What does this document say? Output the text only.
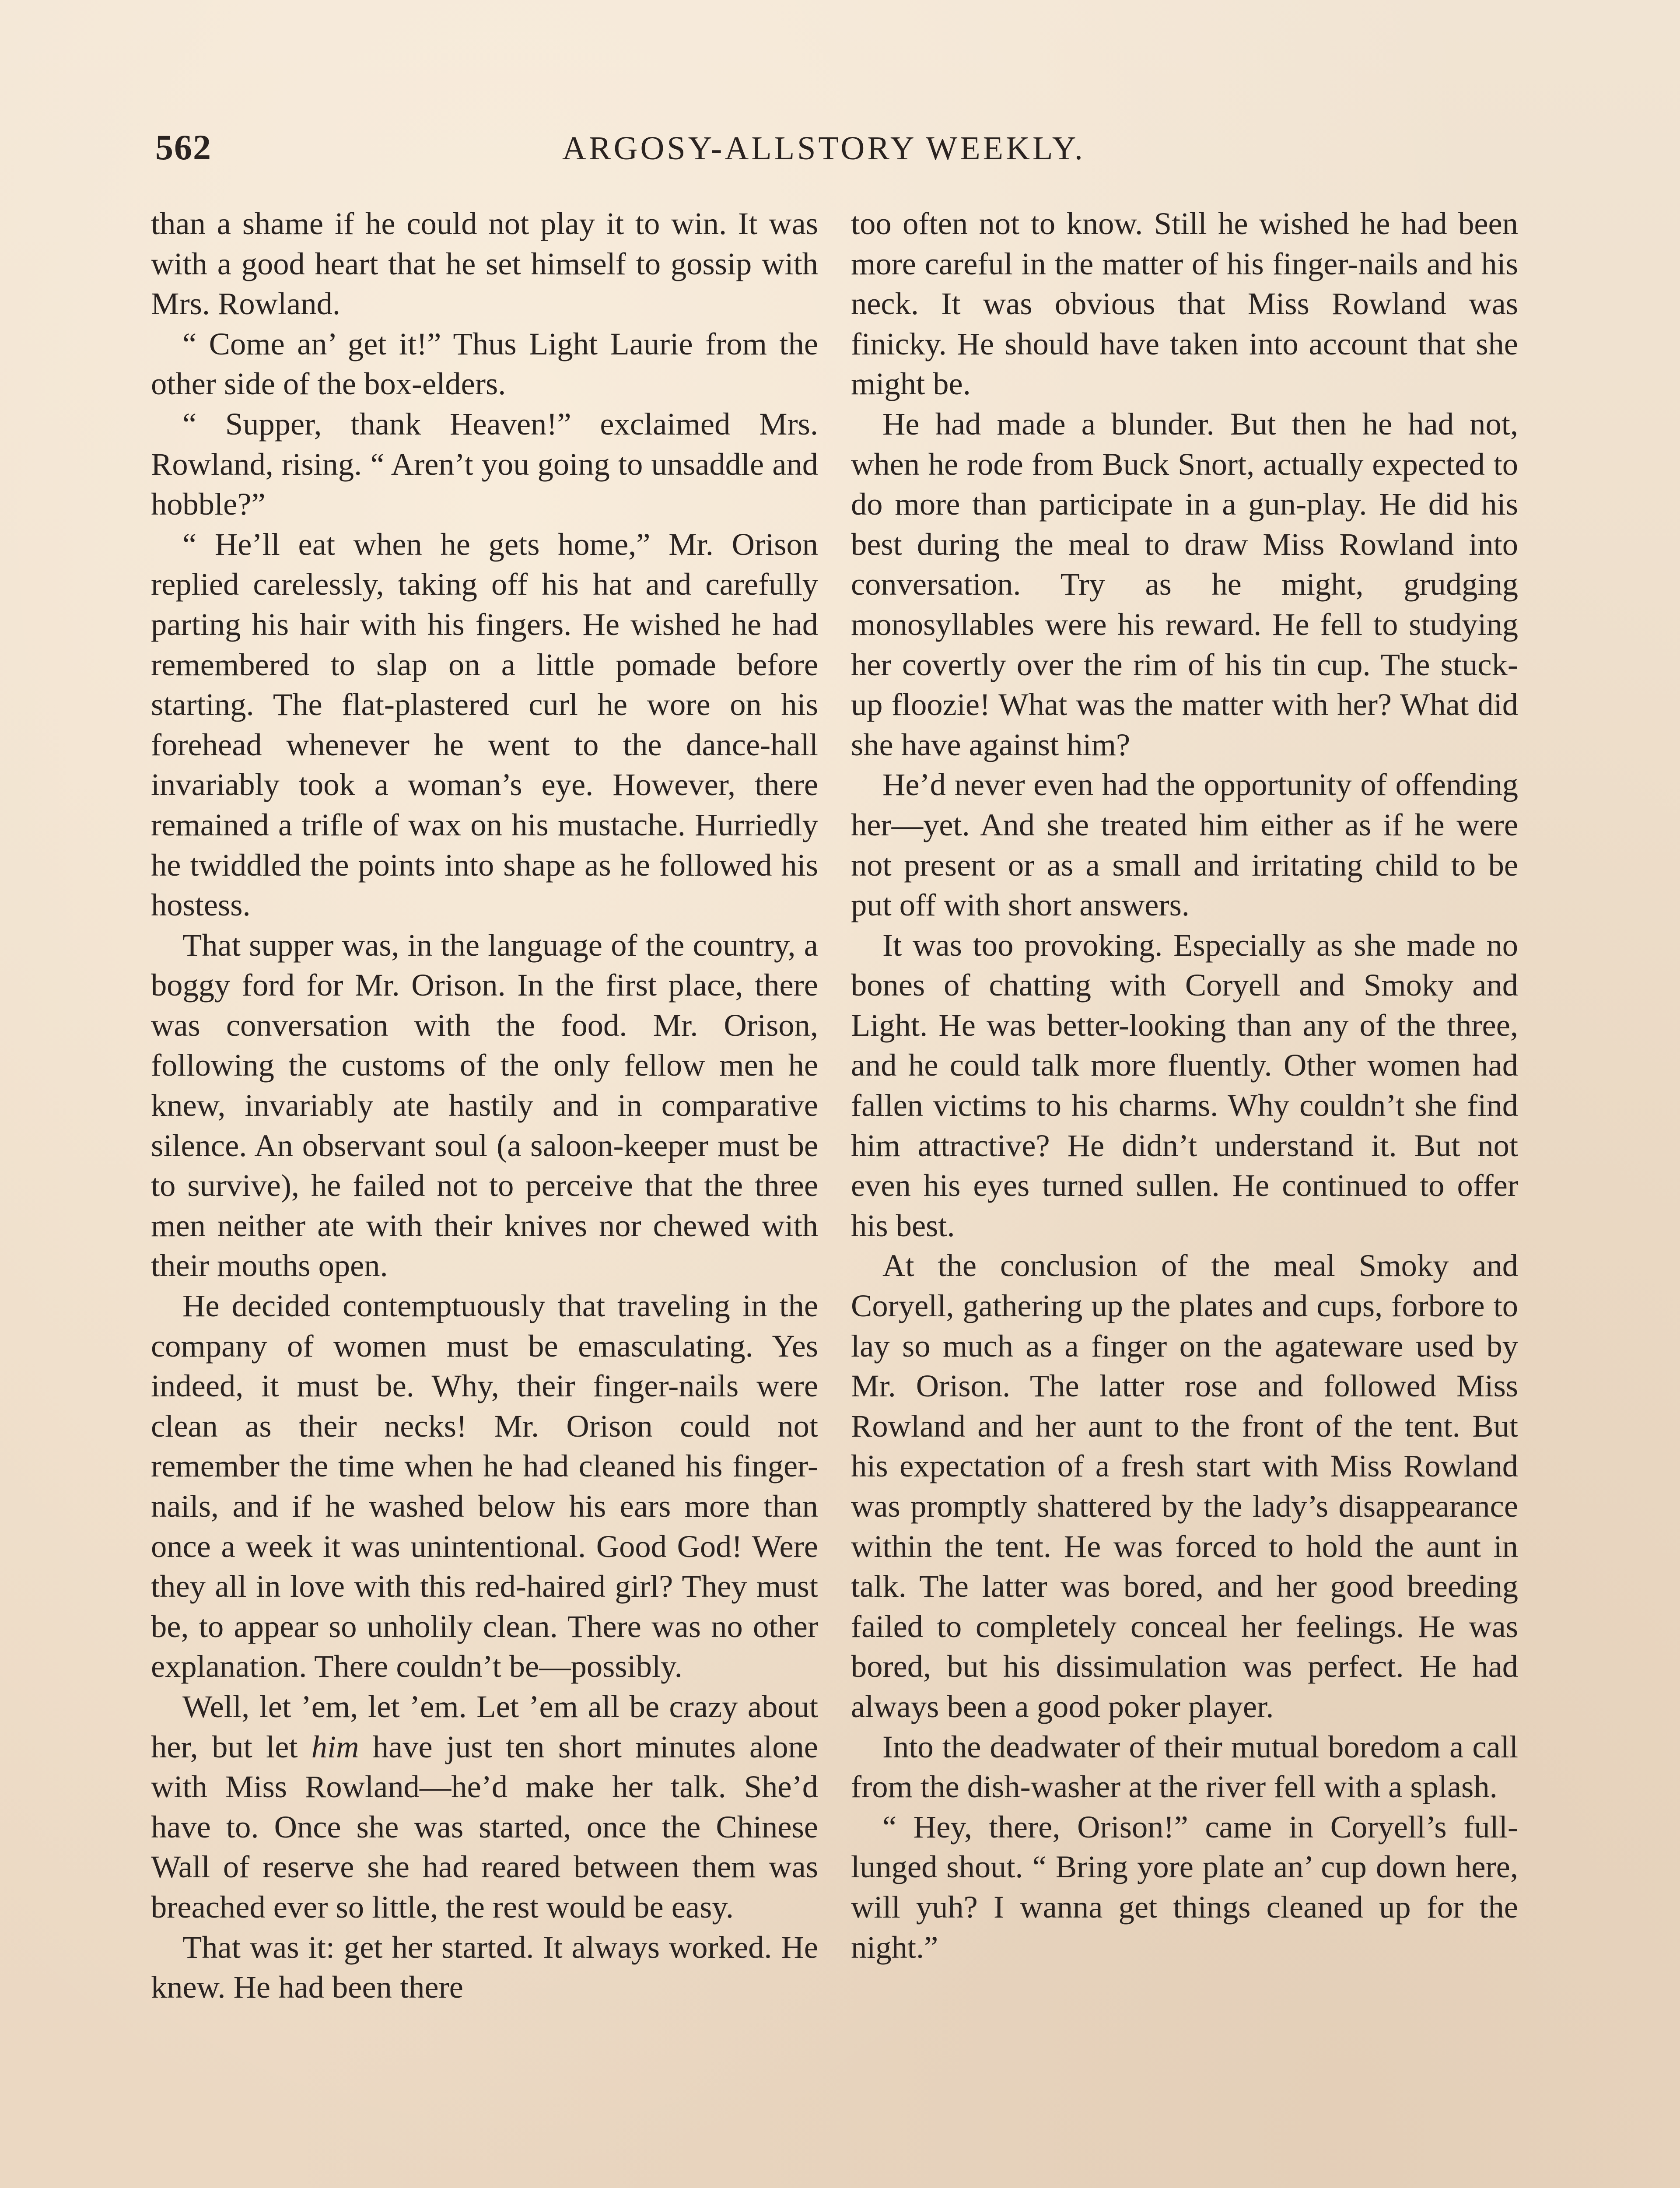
562	ARGOSY-ALLSTORY WEEKLY.

than a shame if he could not play it to win. It was with a good heart that he set himself to gossip with Mrs. Rowland.

“ Come an’ get it!” Thus Light Laurie from the other side of the box-elders.

“ Supper, thank Heaven!” exclaimed Mrs. Rowland, rising. “ Aren’t you going to unsaddle and hobble?”

“ He’ll eat when he gets home,” Mr. Orison replied carelessly, taking off his hat and carefully parting his hair with his fingers. He wished he had remembered to slap on a little pomade before starting. The flat-plastered curl he wore on his forehead whenever he went to the dance-hall invariably took a woman’s eye. However, there remained a trifle of wax on his mustache. Hurriedly he twiddled the points into shape as he followed his hostess.

That supper was, in the language of the country, a boggy ford for Mr. Orison. In the first place, there was conversation with the food. Mr. Orison, following the customs of the only fellow men he knew, invariably ate hastily and in comparative silence. An observant soul (a saloon-keeper must be to survive), he failed not to perceive that the three men neither ate with their knives nor chewed with their mouths open.

He decided contemptuously that traveling in the company of women must be emasculating. Yes indeed, it must be. Why, their finger-nails were clean as their necks! Mr. Orison could not remember the time when he had cleaned his finger-nails, and if he washed below his ears more than once a week it was unintentional. Good God! Were they all in love with this red-haired girl? They must be, to appear so unholily clean. There was no other explanation. There couldn’t be—possibly.

Well, let ’em, let ’em. Let ’em all be crazy about her, but let him have just ten short minutes alone with Miss Rowland—he’d make her talk. She’d have to. Once she was started, once the Chinese Wall of reserve she had reared between them was breached ever so little, the rest would be easy.

That was it: get her started. It always worked. He knew. He had been there

too often not to know. Still he wished he had been more careful in the matter of his finger-nails and his neck. It was obvious that Miss Rowland was finicky. He should have taken into account that she might be.

He had made a blunder. But then he had not, when he rode from Buck Snort, actually expected to do more than participate in a gun-play. He did his best during the meal to draw Miss Rowland into conversation. Try as he might, grudging monosyllables were his reward. He fell to studying her covertly over the rim of his tin cup. The stuck-up floozie! What was the matter with her? What did she have against him?

He’d never even had the opportunity of offending her—yet. And she treated him either as if he were not present or as a small and irritating child to be put off with short answers.

It was too provoking. Especially as she made no bones of chatting with Coryell and Smoky and Light. He was better-looking than any of the three, and he could talk more fluently. Other women had fallen victims to his charms. Why couldn’t she find him attractive? He didn’t understand it. But not even his eyes turned sullen. He continued to offer his best.

At the conclusion of the meal Smoky and Coryell, gathering up the plates and cups, forbore to lay so much as a finger on the agateware used by Mr. Orison. The latter rose and followed Miss Rowland and her aunt to the front of the tent. But his expectation of a fresh start with Miss Rowland was promptly shattered by the lady’s disappearance within the tent. He was forced to hold the aunt in talk. The latter was bored, and her good breeding failed to completely conceal her feelings. He was bored, but his dissimulation was perfect. He had always been a good poker player.

Into the deadwater of their mutual boredom a call from the dish-washer at the river fell with a splash.

“ Hey, there, Orison!” came in Coryell’s full-lunged shout. “ Bring yore plate an’ cup down here, will yuh? I wanna get things cleaned up for the night.”
